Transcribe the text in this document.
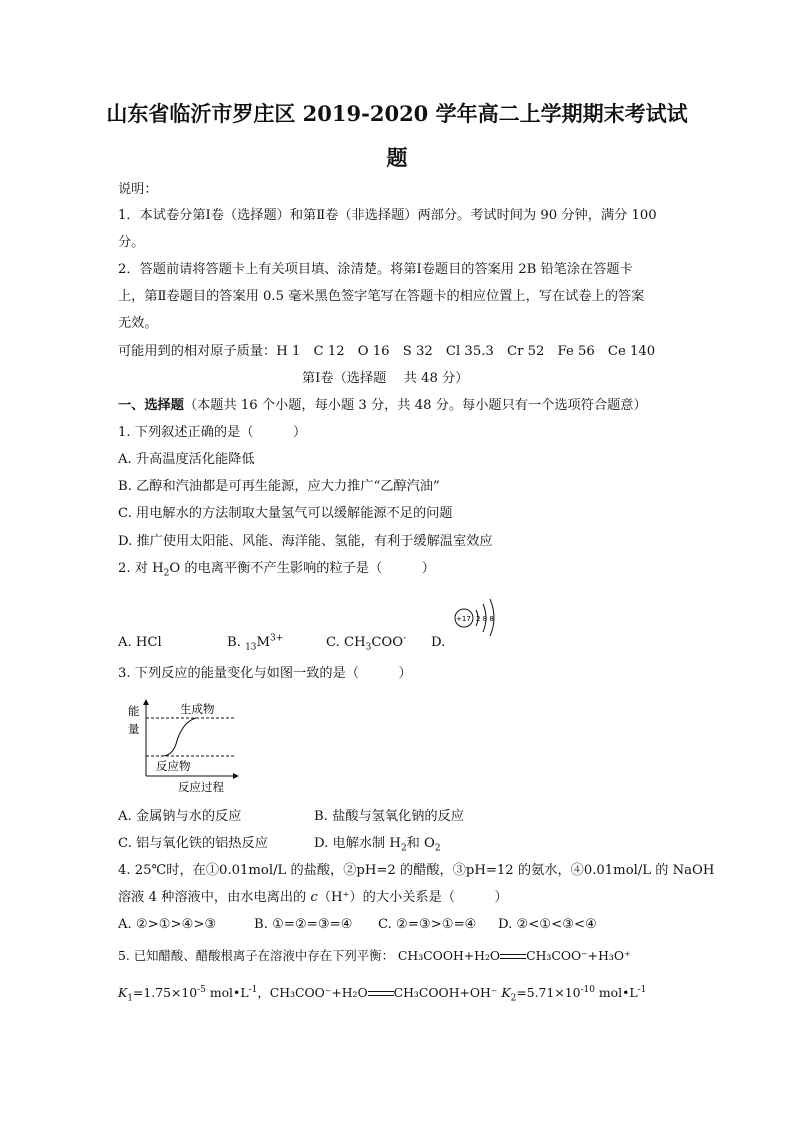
山东省临沂市罗庄区 2019-2020 学年高二上学期期末考试试
题
说明：
1．本试卷分第Ⅰ卷（选择题）和第Ⅱ卷（非选择题）两部分。考试时间为 90 分钟，满分 100
分。
2．答题前请将答题卡上有关项目填、涂清楚。将第Ⅰ卷题目的答案用 2B 铅笔涂在答题卡
上，第Ⅱ卷题目的答案用 0.5 毫米黑色签字笔写在答题卡的相应位置上，写在试卷上的答案
无效。
可能用到的相对原子质量：H 1　C 12　O 16　S 32　Cl 35.3　Cr 52　Fe 56　Ce 140
第Ⅰ卷（选择题　 共 48 分）
一、选择题（本题共 16 个小题，每小题 3 分，共 48 分。每小题只有一个选项符合题意）
1. 下列叙述正确的是（　　　）
A. 升高温度活化能降低
B. 乙醇和汽油都是可再生能源，应大力推广“乙醇汽油”
C. 用电解水的方法制取大量氢气可以缓解能源不足的问题
D. 推广使用太阳能、风能、海洋能、氢能，有利于缓解温室效应
2. 对 $H_2O$ 的电离平衡不产生影响的粒子是（　　　）
+17 2 8 8
A. HCl	B. $_{13}M^{3+}$	C. $CH_3COO^-$ D.
3. 下列反应的能量变化与如图一致的是（　　　）
能
量
生成物
反应物
反应过程
A. 金属钠与水的反应	B. 盐酸与氢氧化钠的反应
C. 铝与氧化铁的铝热反应	D. 电解水制 $H_2$和 $O_2$
4. 25℃时，在①0.01mol/L 的盐酸，②pH=2 的醋酸，③pH=12 的氨水，④0.01mol/L 的 NaOH
溶液 4 种溶液中，由水电离出的 c（H⁺）的大小关系是（　　　）
A. ②>①>④>③	B. ①=②=③=④ C. ②=③>①=④ D. ②<①<③<④
5. 已知醋酸、醋酸根离子在溶液中存在下列平衡： CH₃COOH+H₂O CH₃COO⁻+H₃O⁺
$K_1=1.75\times 10^{-5}$ $mol•L^{-1}$，CH₃COO⁻+H₂O CH₃COOH+OH⁻ $K_2=5.71\times 10^{-10}$ $mol•L^{-1}$
